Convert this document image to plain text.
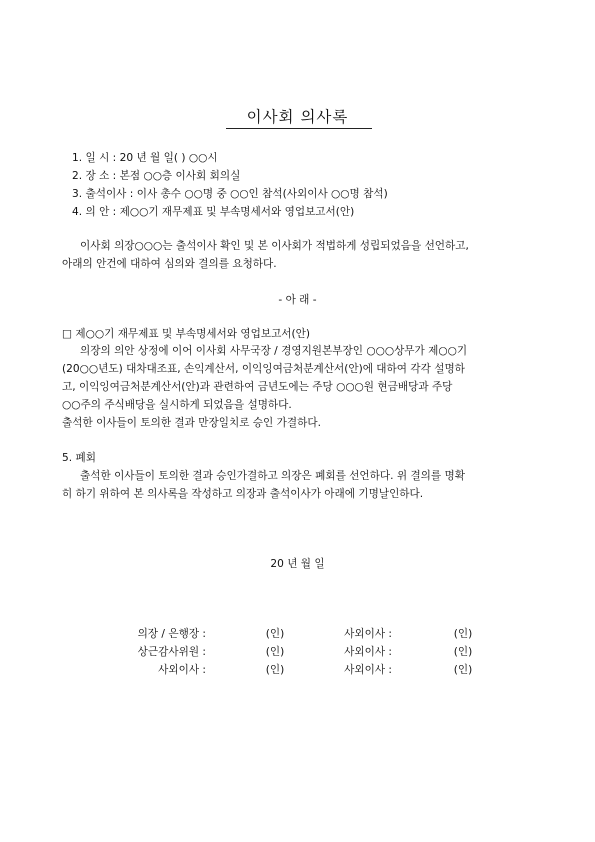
이사회 의사록
1. 일 시 : 20 년 월 일( ) ○○시
2. 장 소 : 본점 ○○층 이사회 회의실
3. 출석이사 : 이사 총수 ○○명 중 ○○인 참석(사외이사 ○○명 참석)
4. 의 안 : 제○○기 재무제표 및 부속명세서와 영업보고서(안)
이사회 의장○○○는 출석이사 확인 및 본 이사회가 적법하게 성립되었음을 선언하고,
아래의 안건에 대하여 심의와 결의를 요청하다.
- 아 래 -
□ 제○○기 재무제표 및 부속명세서와 영업보고서(안)
의장의 의안 상정에 이어 이사회 사무국장 / 경영지원본부장인 ○○○상무가 제○○기
(20○○년도) 대차대조표, 손익계산서, 이익잉여금처분계산서(안)에 대하여 각각 설명하
고, 이익잉여금처분계산서(안)과 관련하여 금년도에는 주당 ○○○원 현금배당과 주당
○○주의 주식배당을 실시하게 되었음을 설명하다.
출석한 이사들이 토의한 결과 만장일치로 승인 가결하다.
5. 폐회
출석한 이사들이 토의한 결과 승인가결하고 의장은 폐회를 선언하다. 위 결의를 명확
히 하기 위하여 본 의사록을 작성하고 의장과 출석이사가 아래에 기명날인하다.
20 년 월 일
의장 / 은행장 :	(인)	사외이사 :	(인)
상근감사위원 :	(인)	사외이사 :	(인)
사외이사 :	(인)	사외이사 :	(인)
